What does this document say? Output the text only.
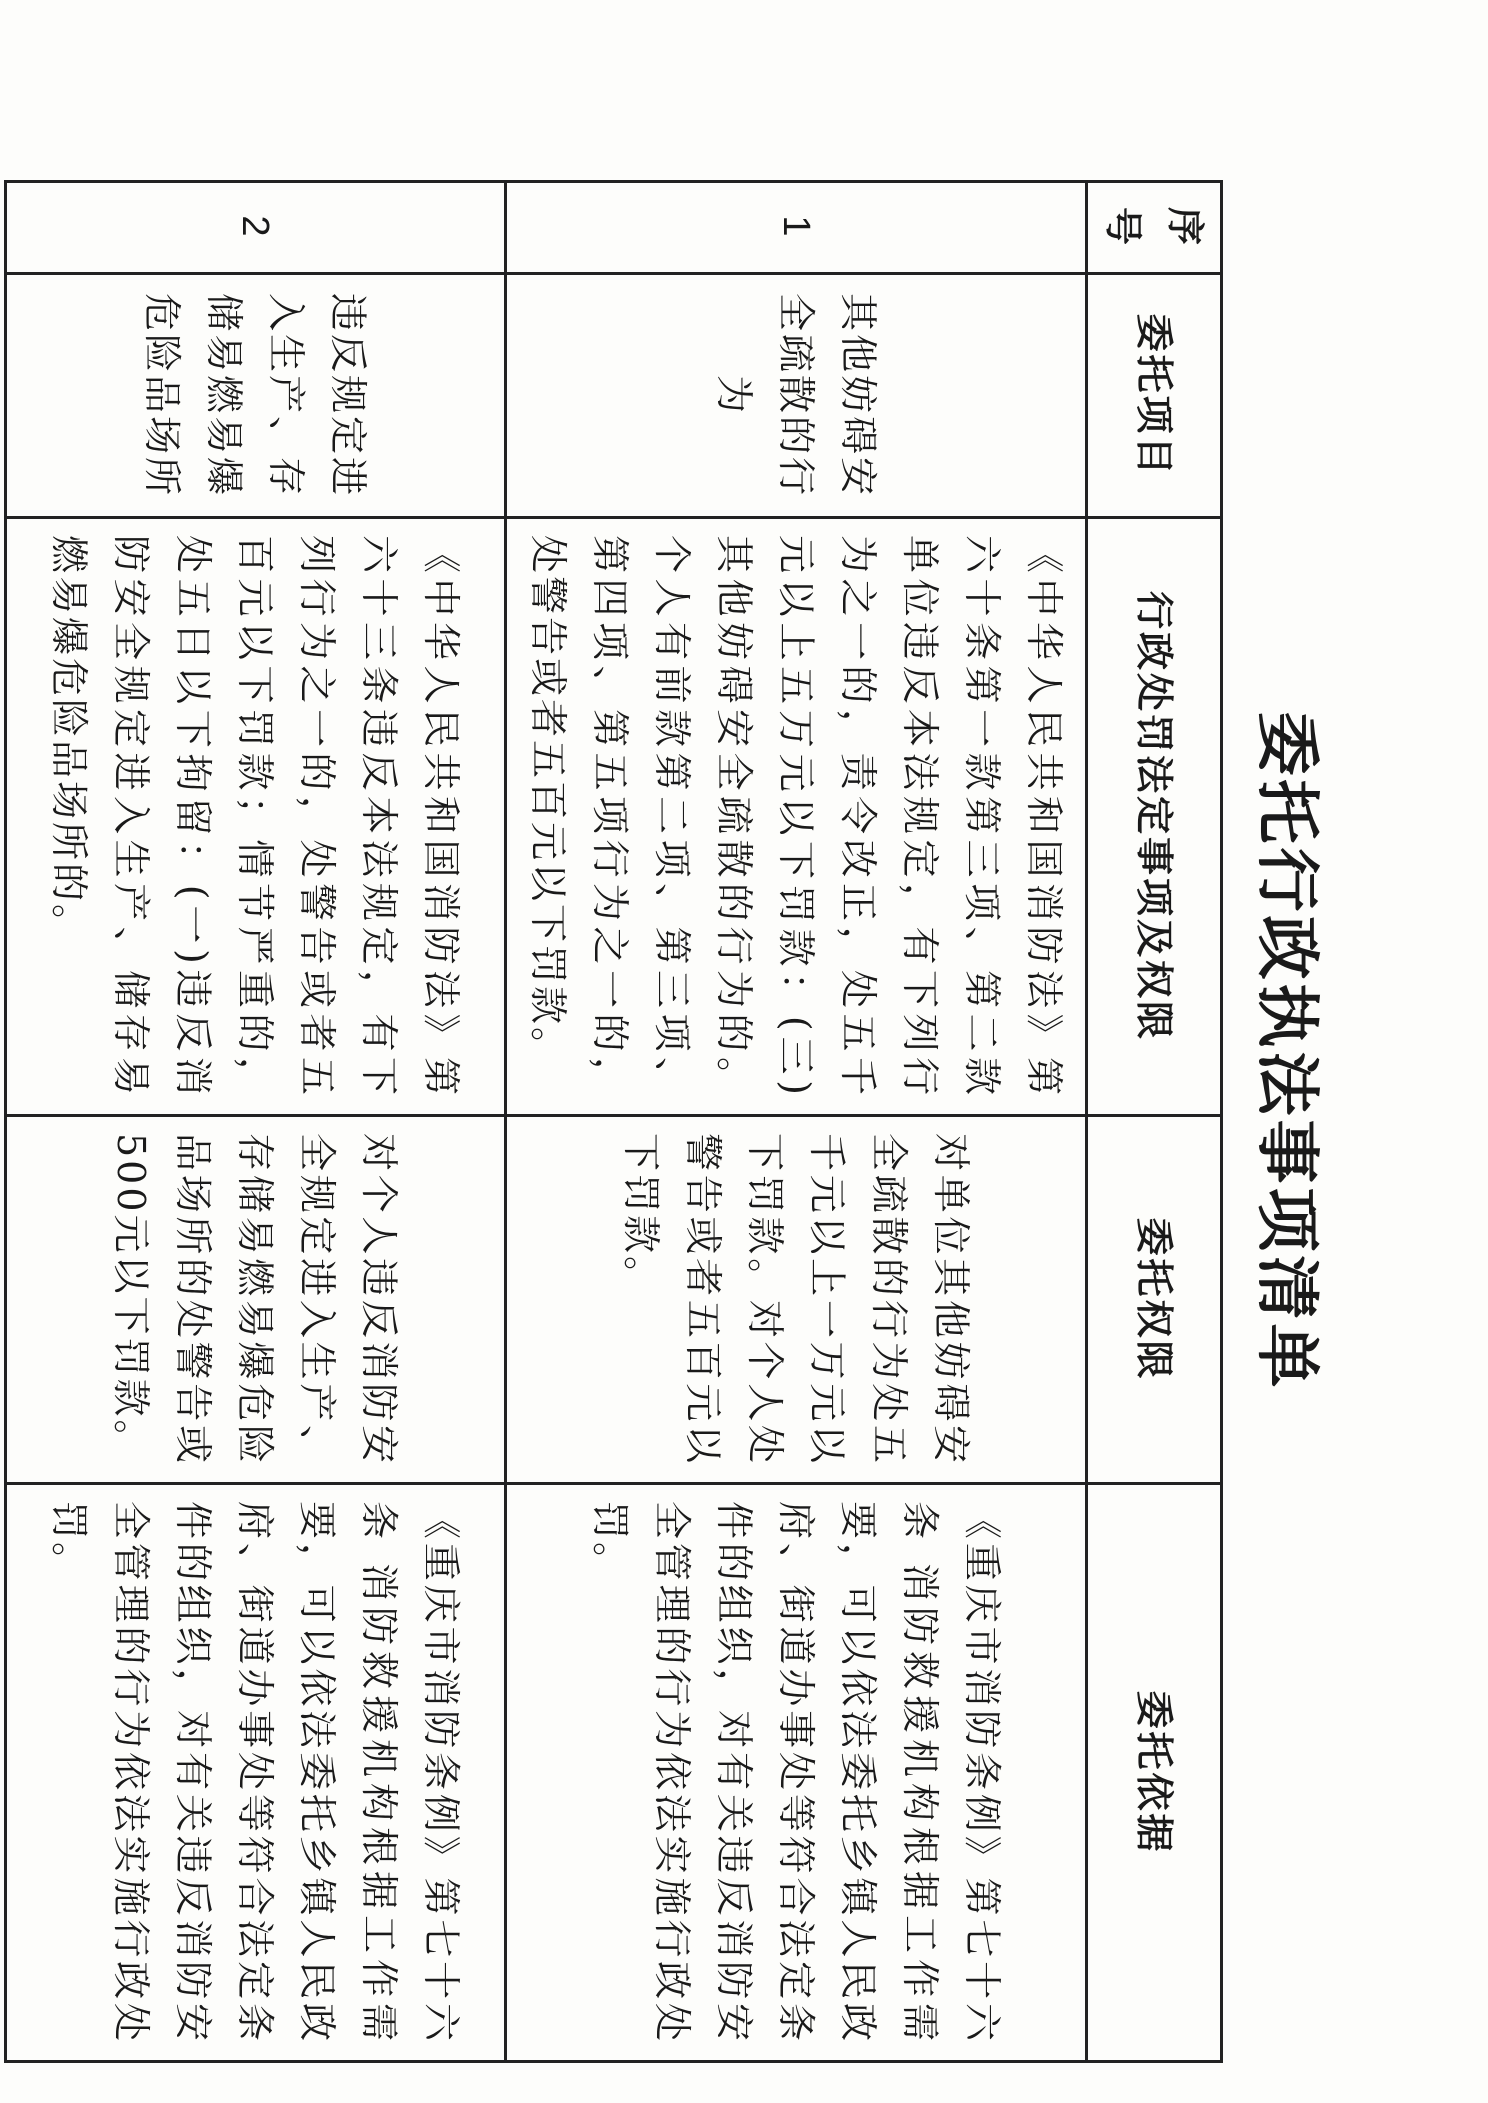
委托行政执法事项清单
序号	委托项目	行政处罚法定事项及权限	委托权限	委托依据
1	其他妨碍安全疏散的行为	《中华人民共和国消防法》第六十条第一款第三项、第二款　单位违反本法规定，有下列行为之一的，责令改正，处五千元以上五万元以下罚款：(三)其他妨碍安全疏散的行为的。个人有前款第二项、第三项、第四项、第五项行为之一的，处警告或者五百元以下罚款。	对单位其他妨碍安全疏散的行为处五千元以上一万元以下罚款。对个人处警告或者五百元以下罚款。	《重庆市消防条例》第七十六条 消防救援机构根据工作需要，可以依法委托乡镇人民政府、街道办事处等符合法定条件的组织，对有关违反消防安全管理的行为依法实施行政处罚。
2	违反规定进入生产、存储易燃易爆危险品场所	《中华人民共和国消防法》第六十三条违反本法规定，有下列行为之一的，处警告或者五百元以下罚款；情节严重的，处五日以下拘留：(一)违反消防安全规定进入生产、储存易燃易爆危险品场所的。	对个人违反消防安全规定进入生产、存储易燃易爆危险品场所的处警告或500元以下罚款。	《重庆市消防条例》第七十六条 消防救援机构根据工作需要，可以依法委托乡镇人民政府、街道办事处等符合法定条件的组织，对有关违反消防安全管理的行为依法实施行政处罚。
